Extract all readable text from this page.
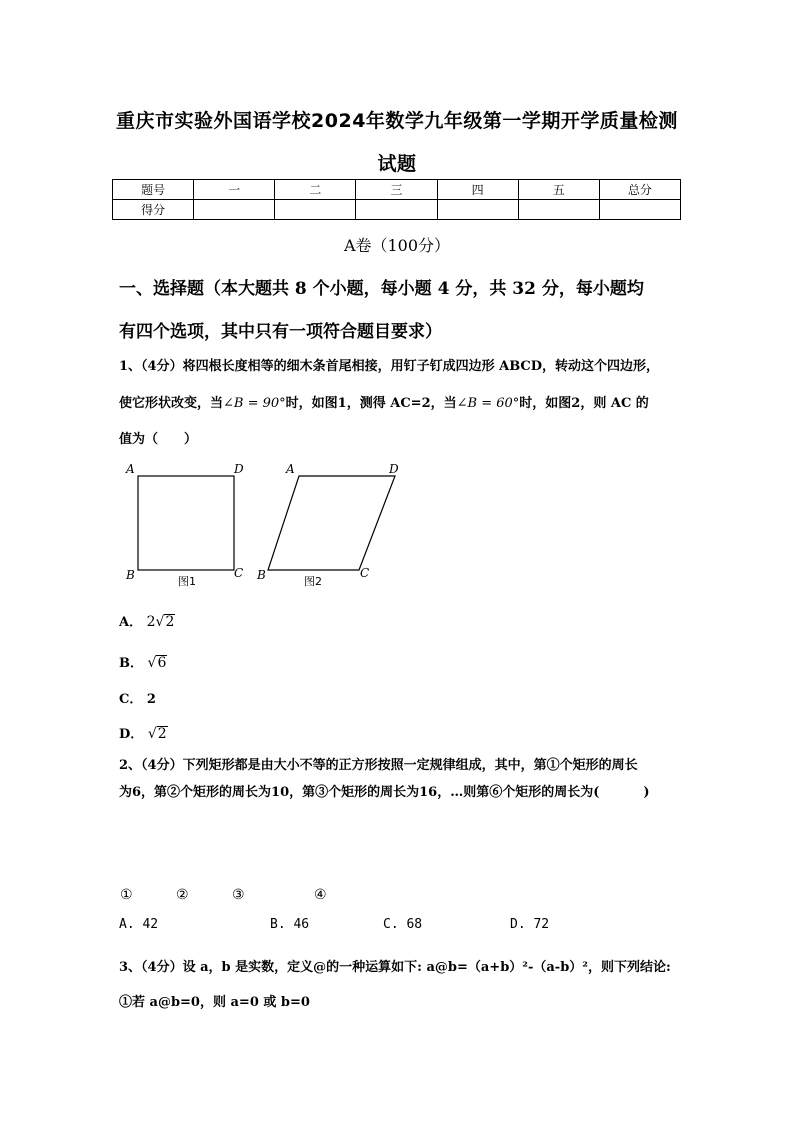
重庆市实验外国语学校2024年数学九年级第一学期开学质量检测
试题
题号	一	二	三	四	五	总分
得分						
A卷（100分）
一、选择题（本大题共 8 个小题，每小题 4 分，共 32 分，每小题均
有四个选项，其中只有一项符合题目要求）
1、（4分）将四根长度相等的细木条首尾相接，用钉子钉成四边形 ABCD，转动这个四边形，
使它形状改变，当∠B = 90°时，如图1，测得 AC=2，当∠B = 60°时，如图2，则 AC 的
值为（　　）
A	D
B	C
图1
A	D
B	C
图2
A． 2√2
B． √6
C． 2
D． √2
2、（4分）下列矩形都是由大小不等的正方形按照一定规律组成，其中，第①个矩形的周长
为6，第②个矩形的周长为10，第③个矩形的周长为16，…则第⑥个矩形的周长为(	)
①	②	③	④
A. 42	B. 46	C. 68	D. 72
3、（4分）设 a，b 是实数，定义@的一种运算如下: a@b=（a+b）²-（a-b）²，则下列结论:
①若 a@b=0，则 a=0 或 b=0
